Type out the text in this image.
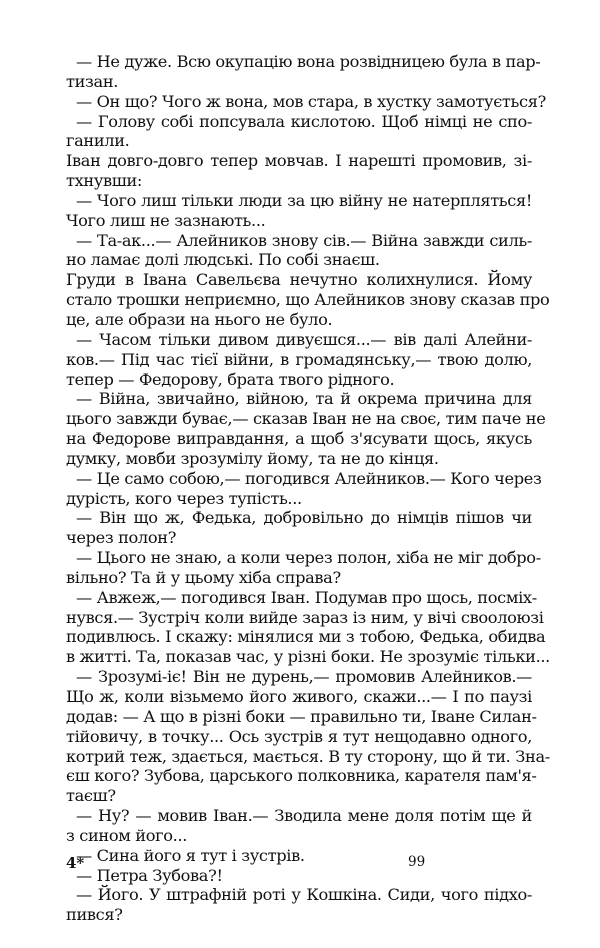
— Не дуже. Всю окупацію вона розвідницею була в пар-
тизан.
— Он що? Чого ж вона, мов стара, в хустку замотується?
— Голову собі попсувала кислотою. Щоб німці не спо-
ганили.
Іван довго-довго тепер мовчав. І нарешті промовив, зі-
тхнувши:
— Чого лиш тільки люди за цю війну не натерпляться!
Чого лиш не зазнають...
— Та-ак...— Алейников знову сів.— Війна завжди силь-
но ламає долі людські. По собі знаєш.
Груди в Івана Савельєва нечутно колихнулися. Йому
стало трошки неприємно, що Алейников знову сказав про
це, але образи на нього не було.
— Часом тільки дивом дивуєшся...— вів далі Алейни-
ков.— Під час тієї війни, в громадянську,— твою долю,
тепер — Федорову, брата твого рідного.
— Війна, звичайно, війною, та й окрема причина для
цього завжди буває,— сказав Іван не на своє, тим паче не
на Федорове виправдання, а щоб з'ясувати щось, якусь
думку, мовби зрозумілу йому, та не до кінця.
— Це само собою,— погодився Алейников.— Кого через
дурість, кого через тупість...
— Він що ж, Федька, добровільно до німців пішов чи
через полон?
— Цього не знаю, а коли через полон, хіба не міг добро-
вільно? Та й у цьому хіба справа?
— Авжеж,— погодився Іван. Подумав про щось, посміх-
нувся.— Зустріч коли вийде зараз із ним, у вічі своолоюзі
подивлюсь. І скажу: мінялися ми з тобою, Федька, обидва
в житті. Та, показав час, у різні боки. Не зрозуміє тільки...
— Зрозумі-іє! Він не дурень,— промовив Алейников.—
Що ж, коли візьмемо його живого, скажи...— І по паузі
додав: — А що в різні боки — правильно ти, Іване Силан-
тійовичу, в точку... Ось зустрів я тут нещодавно одного,
котрий теж, здається, мається. В ту сторону, що й ти. Зна-
єш кого? Зубова, царського полковника, карателя пам'я-
таєш?
— Ну? — мовив Іван.— Зводила мене доля потім ще й
з сином його...
— Сина його я тут і зустрів.
— Петра Зубова?!
— Його. У штрафній роті у Кошкіна. Сиди, чого підхо-
пився?
4*	99
